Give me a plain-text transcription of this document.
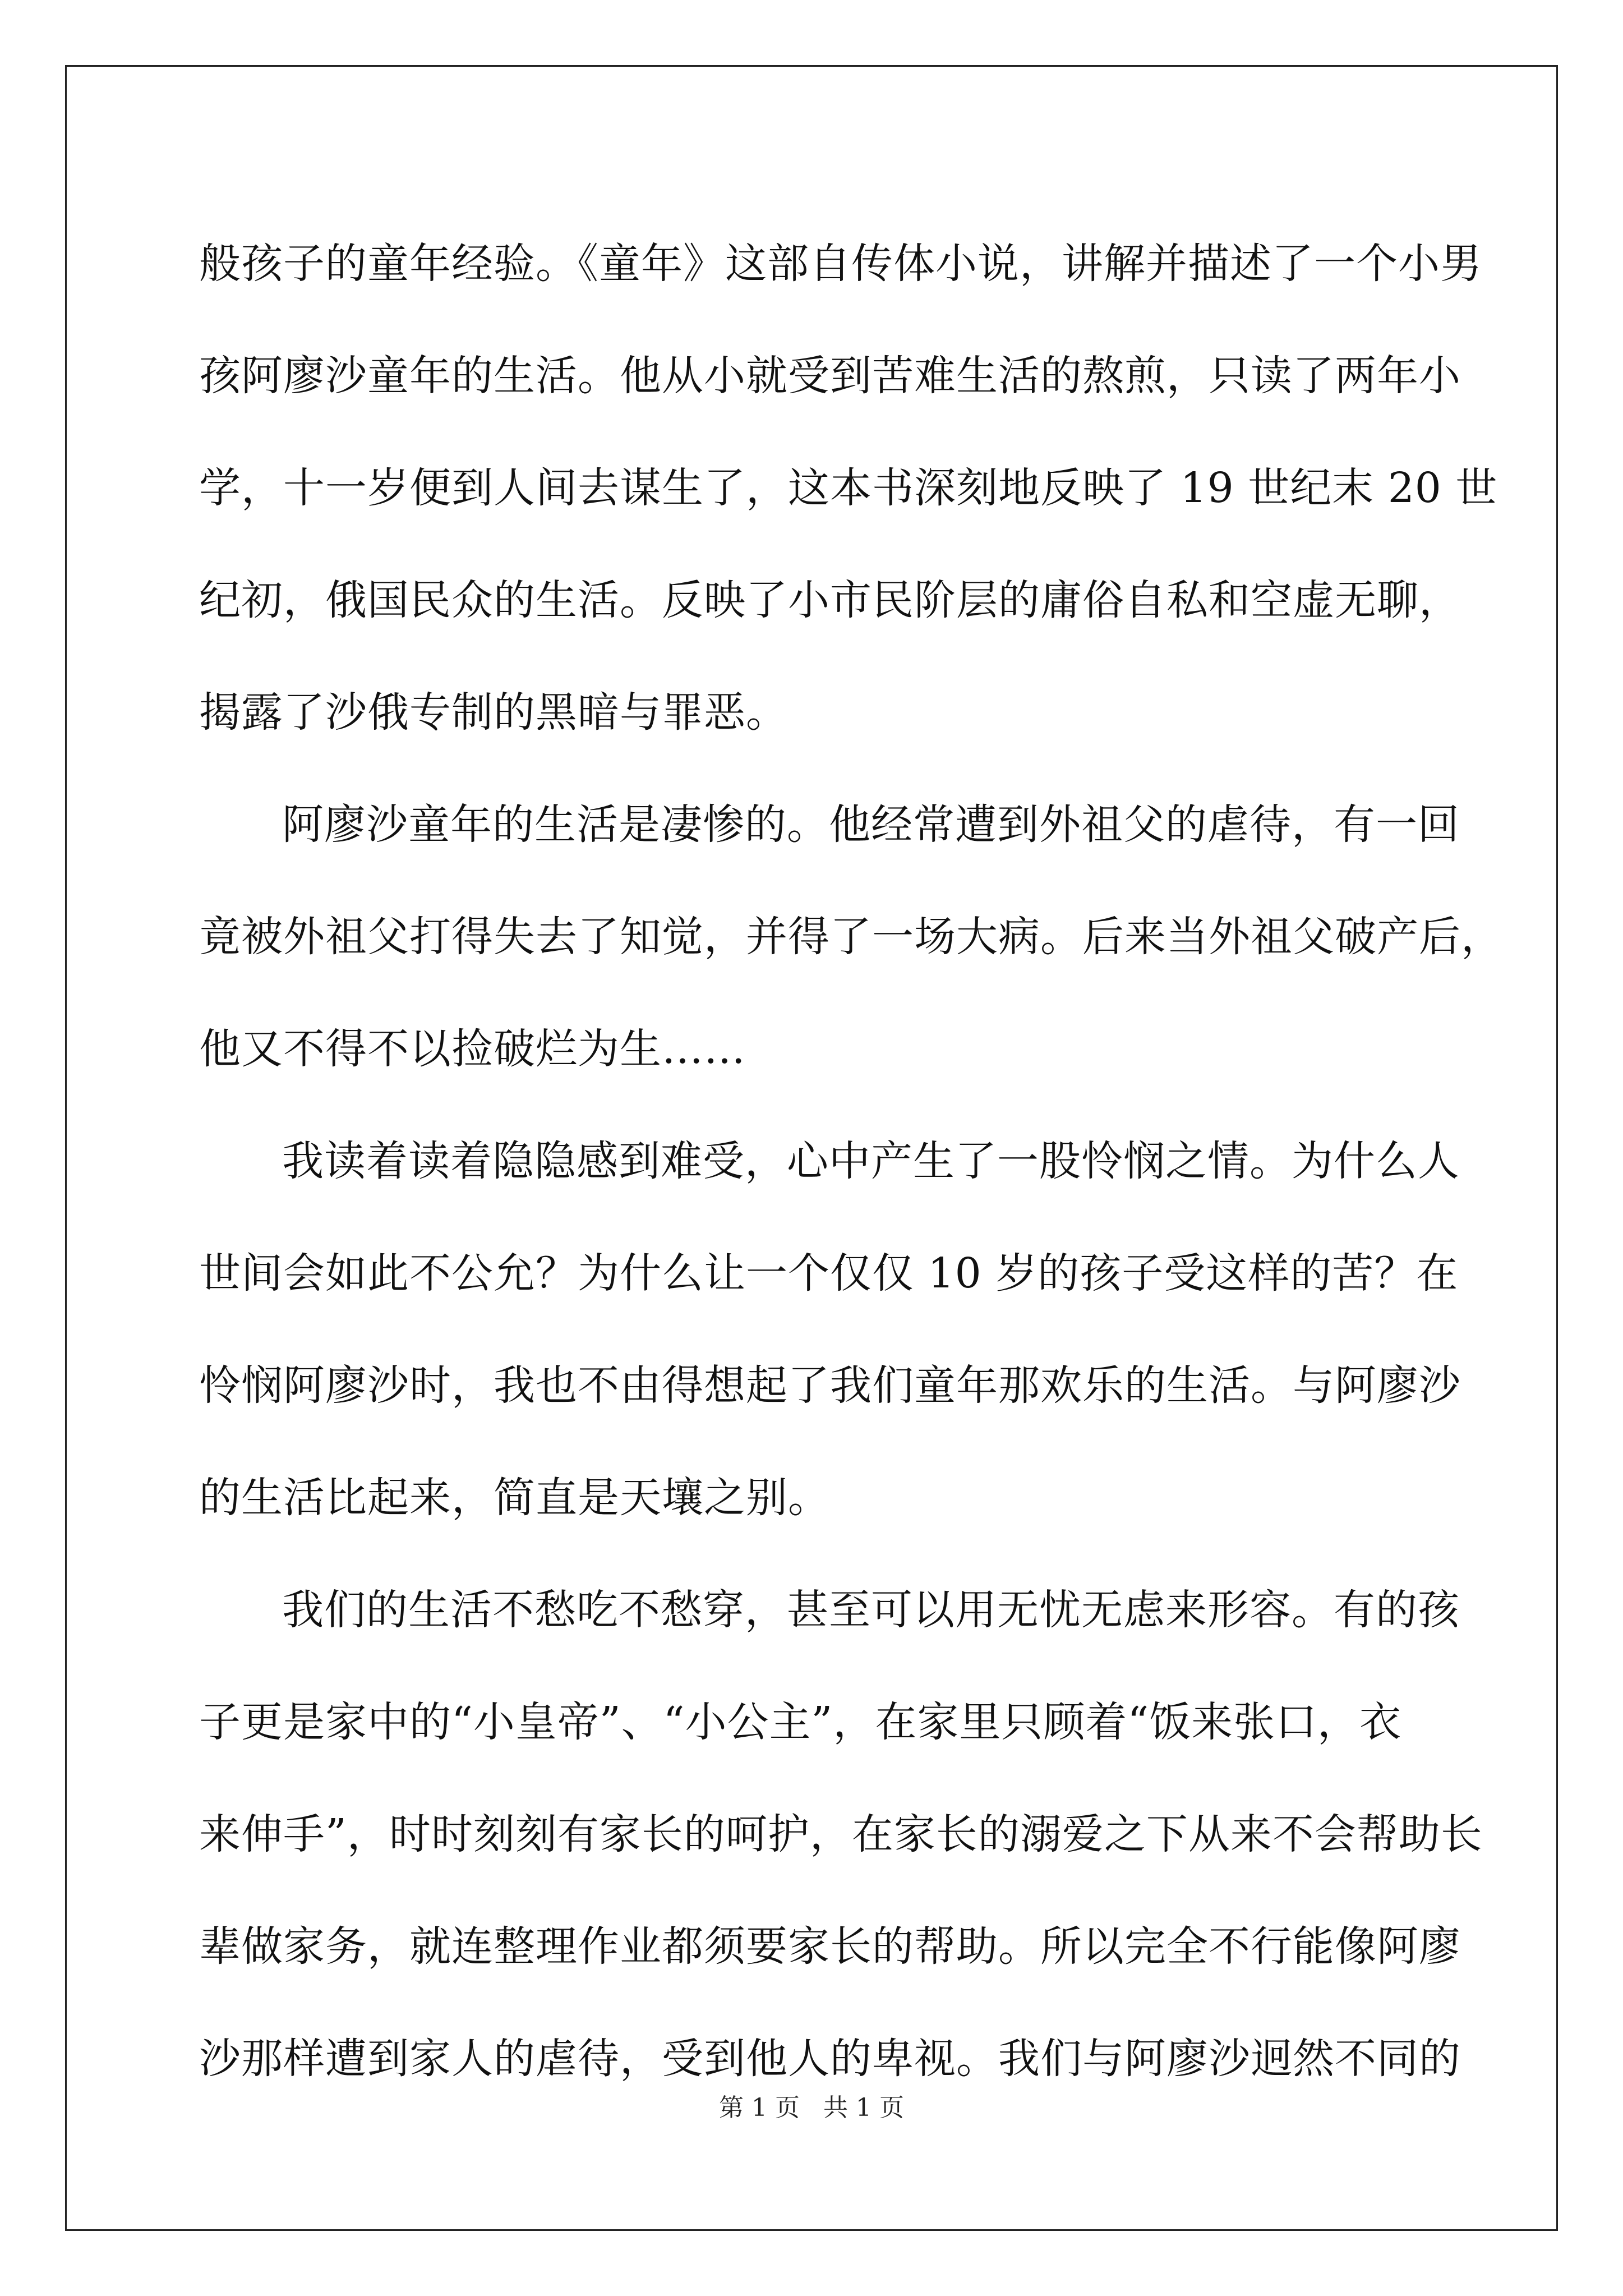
般孩子的童年经验。《童年》这部自传体小说，讲解并描述了一个小男
孩阿廖沙童年的生活。他从小就受到苦难生活的熬煎，只读了两年小
学，十一岁便到人间去谋生了，这本书深刻地反映了 19 世纪末 20 世
纪初，俄国民众的生活。反映了小市民阶层的庸俗自私和空虚无聊，
揭露了沙俄专制的黑暗与罪恶。
阿廖沙童年的生活是凄惨的。他经常遭到外祖父的虐待，有一回
竟被外祖父打得失去了知觉，并得了一场大病。后来当外祖父破产后，
他又不得不以捡破烂为生……
我读着读着隐隐感到难受，心中产生了一股怜悯之情。为什么人
世间会如此不公允？为什么让一个仅仅 10 岁的孩子受这样的苦？在
怜悯阿廖沙时，我也不由得想起了我们童年那欢乐的生活。与阿廖沙
的生活比起来，简直是天壤之别。
我们的生活不愁吃不愁穿，甚至可以用无忧无虑来形容。有的孩
子更是家中的“小皇帝”、“小公主”，在家里只顾着“饭来张口，衣
来伸手”，时时刻刻有家长的呵护，在家长的溺爱之下从来不会帮助长
辈做家务，就连整理作业都须要家长的帮助。所以完全不行能像阿廖
沙那样遭到家人的虐待，受到他人的卑视。我们与阿廖沙迥然不同的
第 1 页   共 1 页
